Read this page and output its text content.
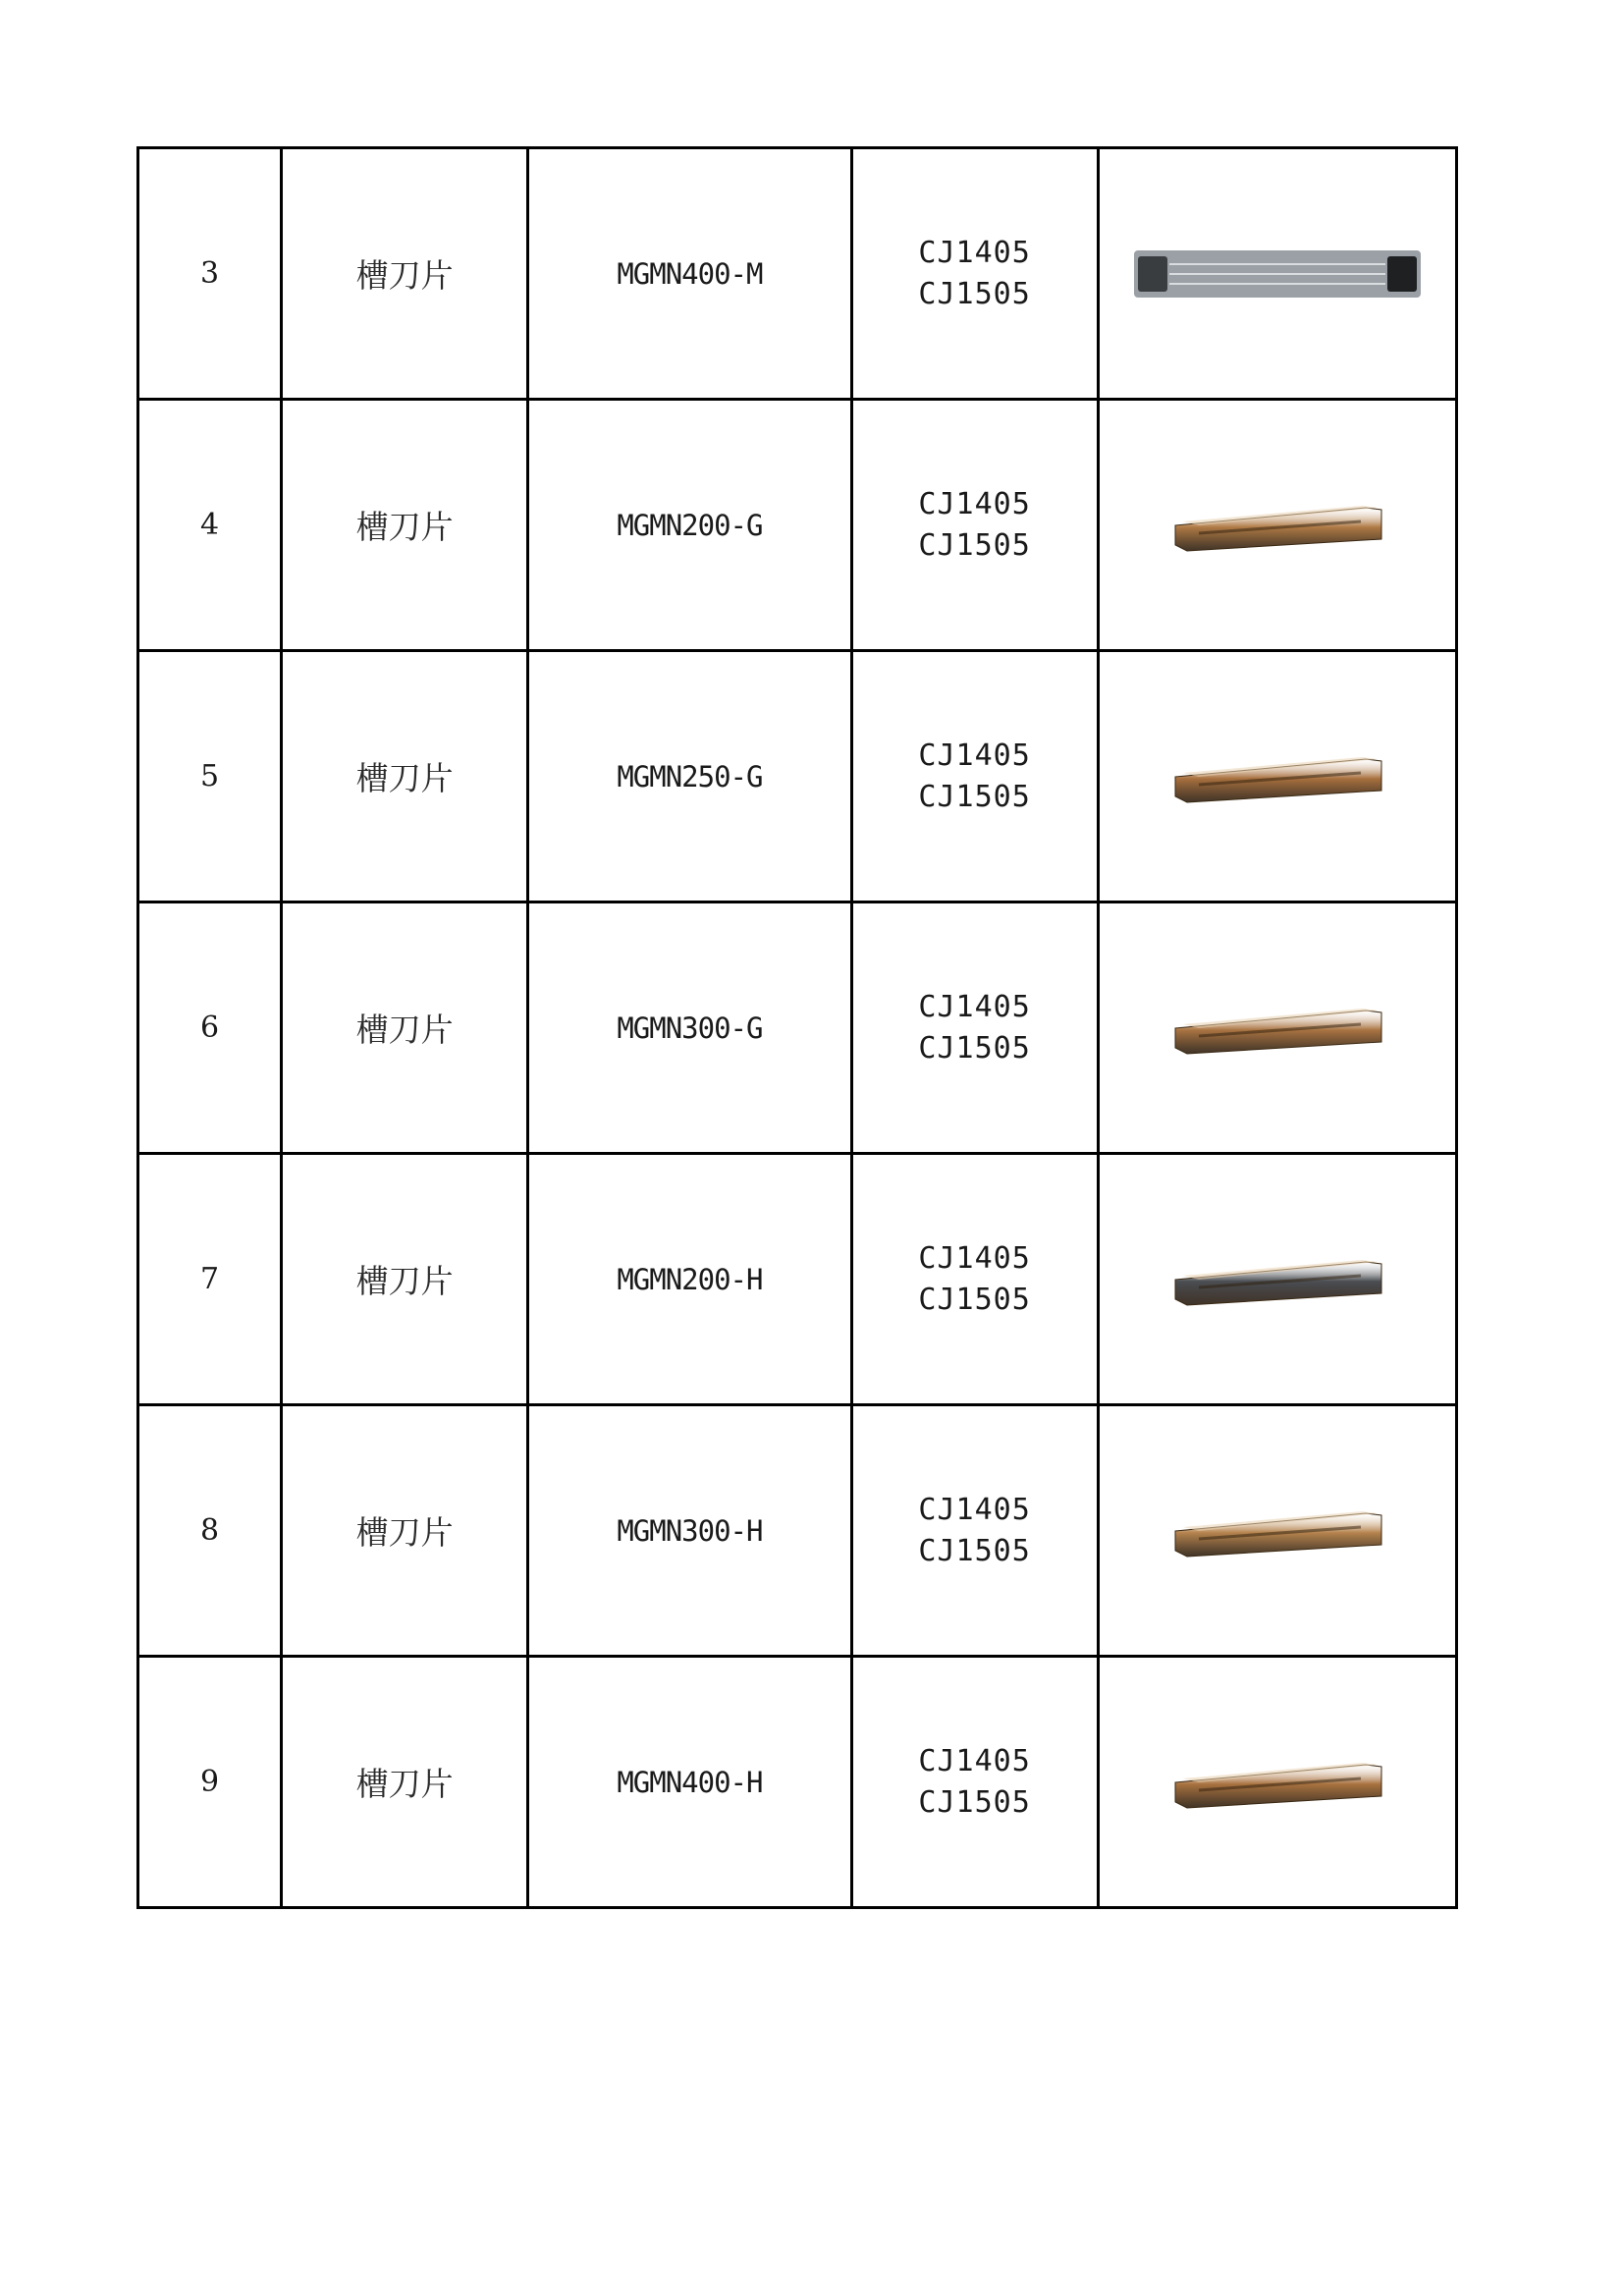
3	槽刀片	MGMN400-M	CJ1405
CJ1505

4	槽刀片	MGMN200-G	CJ1405
CJ1505

5	槽刀片	MGMN250-G	CJ1405
CJ1505

6	槽刀片	MGMN300-G	CJ1405
CJ1505

7	槽刀片	MGMN200-H	CJ1405
CJ1505

8	槽刀片	MGMN300-H	CJ1405
CJ1505

9	槽刀片	MGMN400-H	CJ1405
CJ1505
